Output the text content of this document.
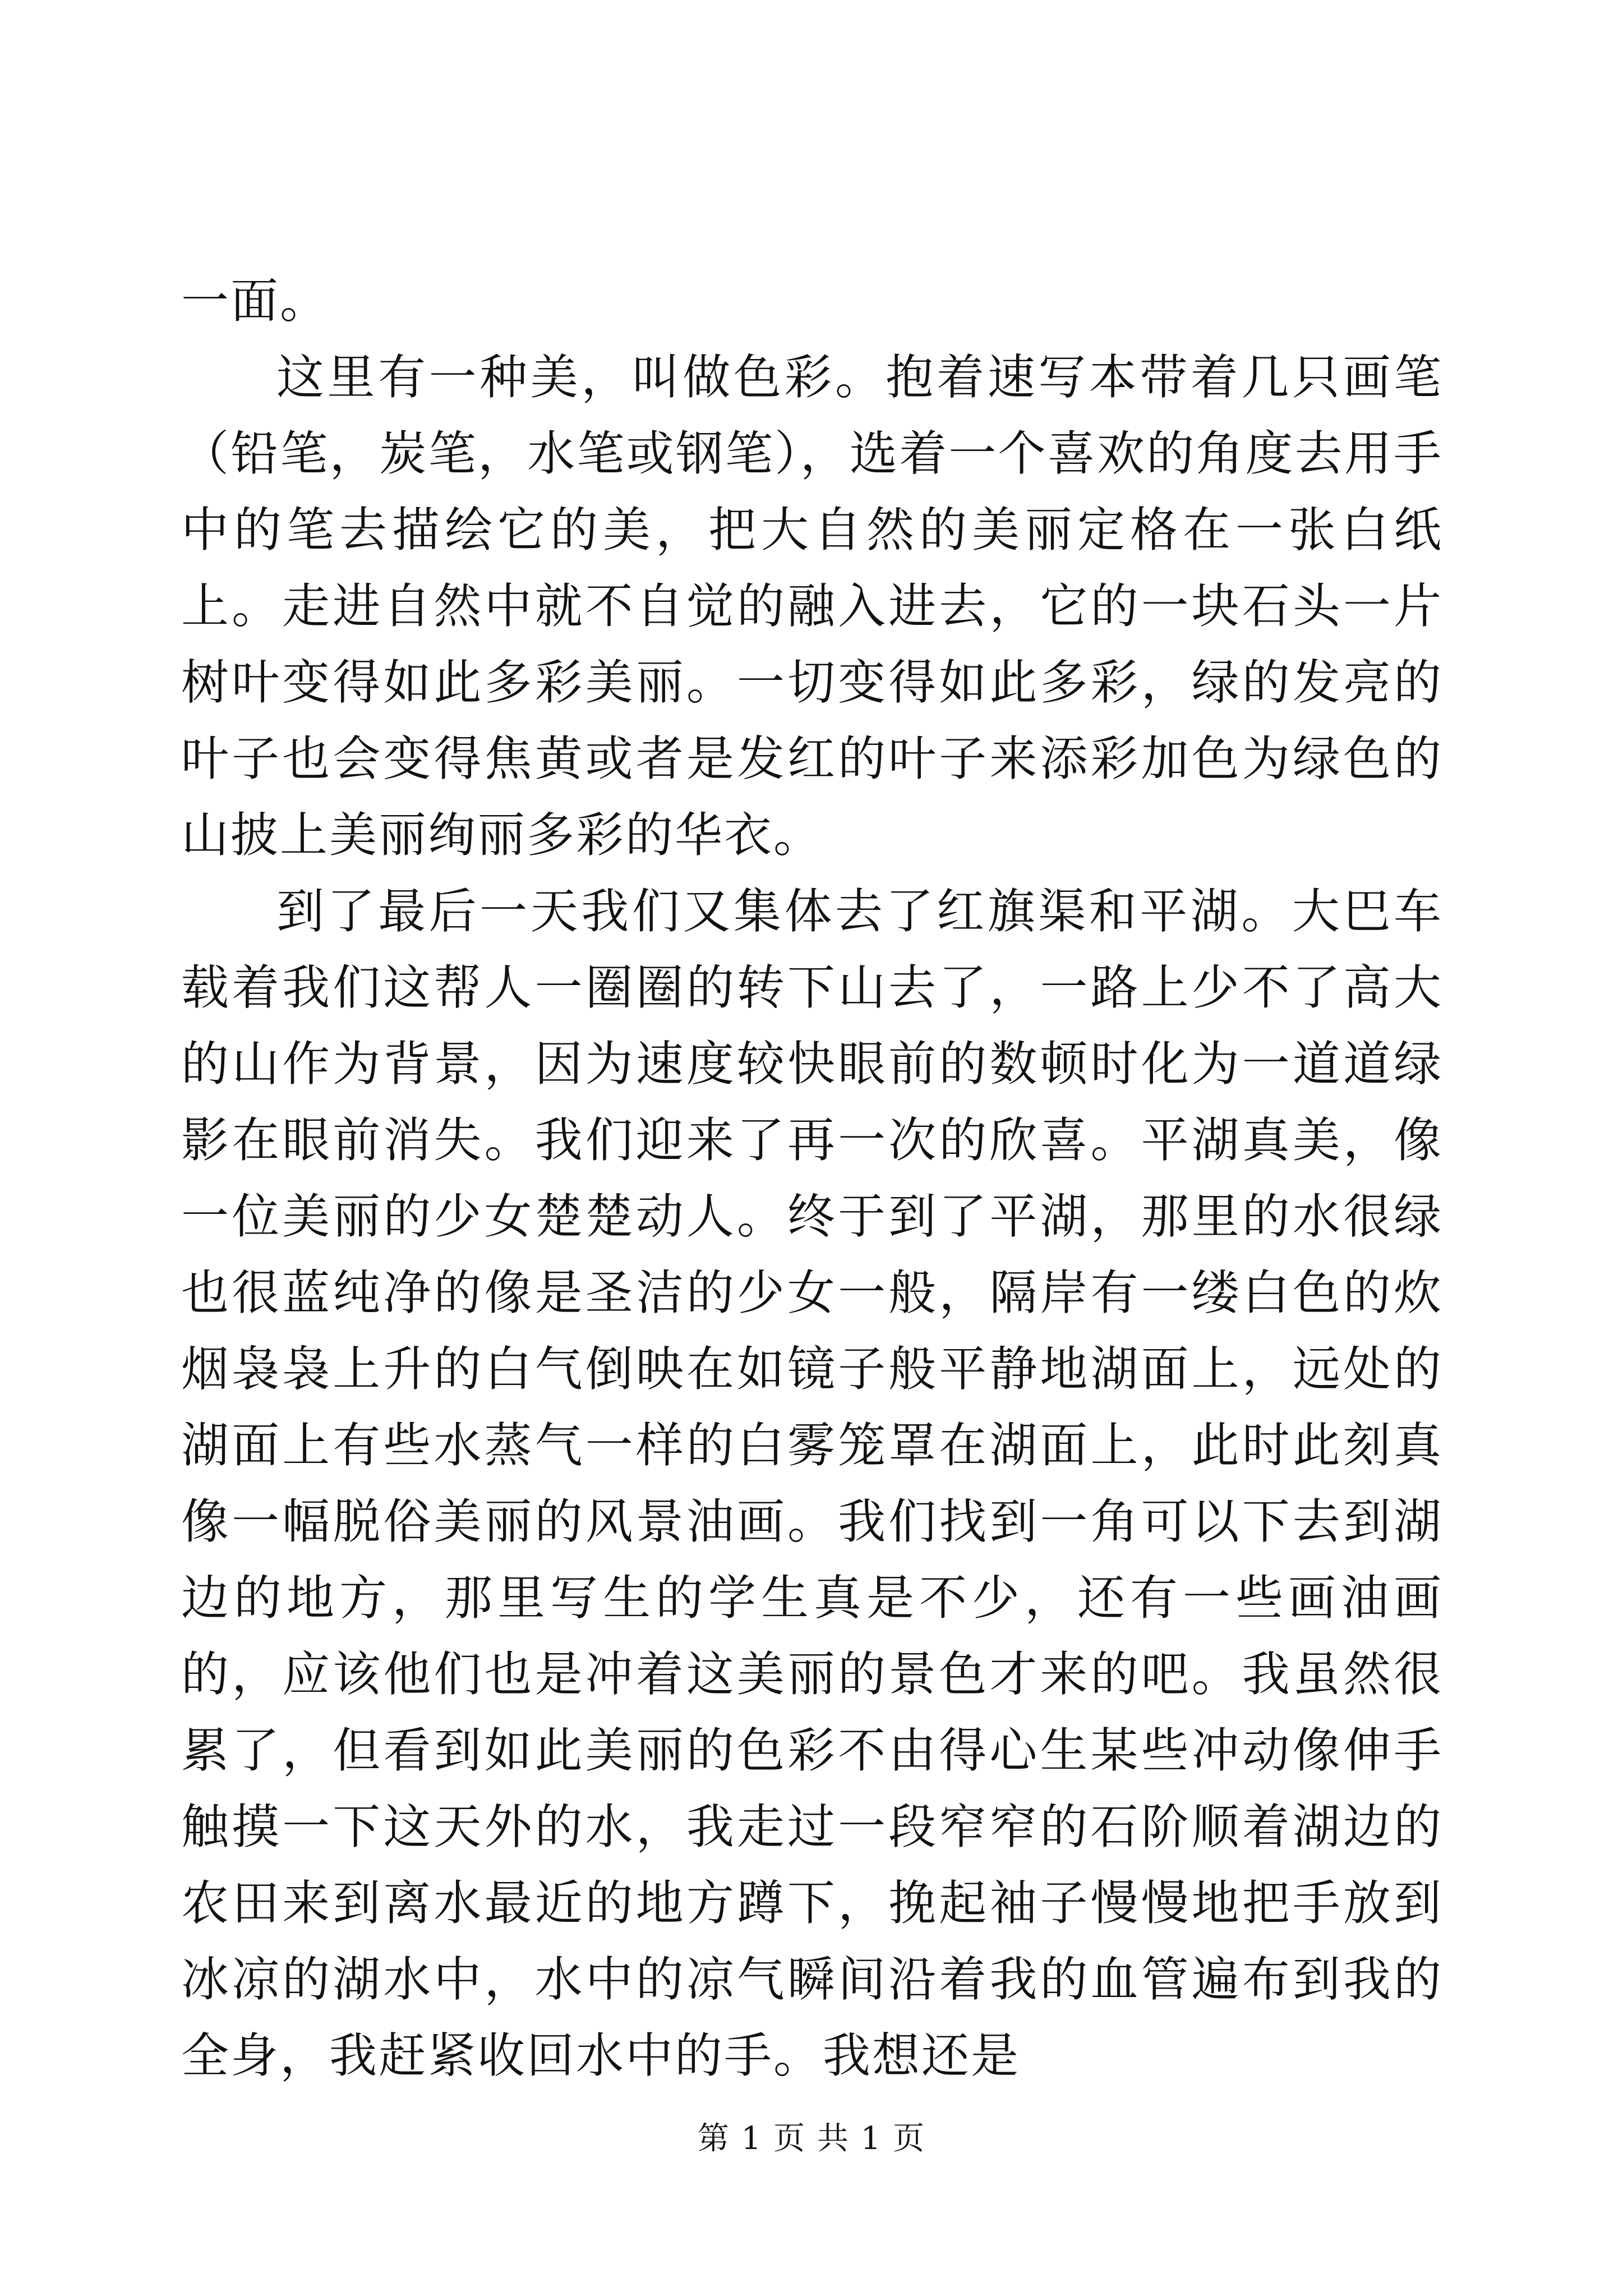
一面。

这里有一种美，叫做色彩。抱着速写本带着几只画笔（铅笔，炭笔，水笔或钢笔），选着一个喜欢的角度去用手中的笔去描绘它的美，把大自然的美丽定格在一张白纸上。走进自然中就不自觉的融入进去，它的一块石头一片树叶变得如此多彩美丽。一切变得如此多彩，绿的发亮的叶子也会变得焦黄或者是发红的叶子来添彩加色为绿色的山披上美丽绚丽多彩的华衣。

到了最后一天我们又集体去了红旗渠和平湖。大巴车载着我们这帮人一圈圈的转下山去了，一路上少不了高大的山作为背景，因为速度较快眼前的数顿时化为一道道绿影在眼前消失。我们迎来了再一次的欣喜。平湖真美，像一位美丽的少女楚楚动人。终于到了平湖，那里的水很绿也很蓝纯净的像是圣洁的少女一般，隔岸有一缕白色的炊烟袅袅上升的白气倒映在如镜子般平静地湖面上，远处的湖面上有些水蒸气一样的白雾笼罩在湖面上，此时此刻真像一幅脱俗美丽的风景油画。我们找到一角可以下去到湖边的地方，那里写生的学生真是不少，还有一些画油画的，应该他们也是冲着这美丽的景色才来的吧。我虽然很累了，但看到如此美丽的色彩不由得心生某些冲动像伸手触摸一下这天外的水，我走过一段窄窄的石阶顺着湖边的农田来到离水最近的地方蹲下，挽起袖子慢慢地把手放到冰凉的湖水中，水中的凉气瞬间沿着我的血管遍布到我的全身，我赶紧收回水中的手。我想还是

第 1 页 共 1 页
